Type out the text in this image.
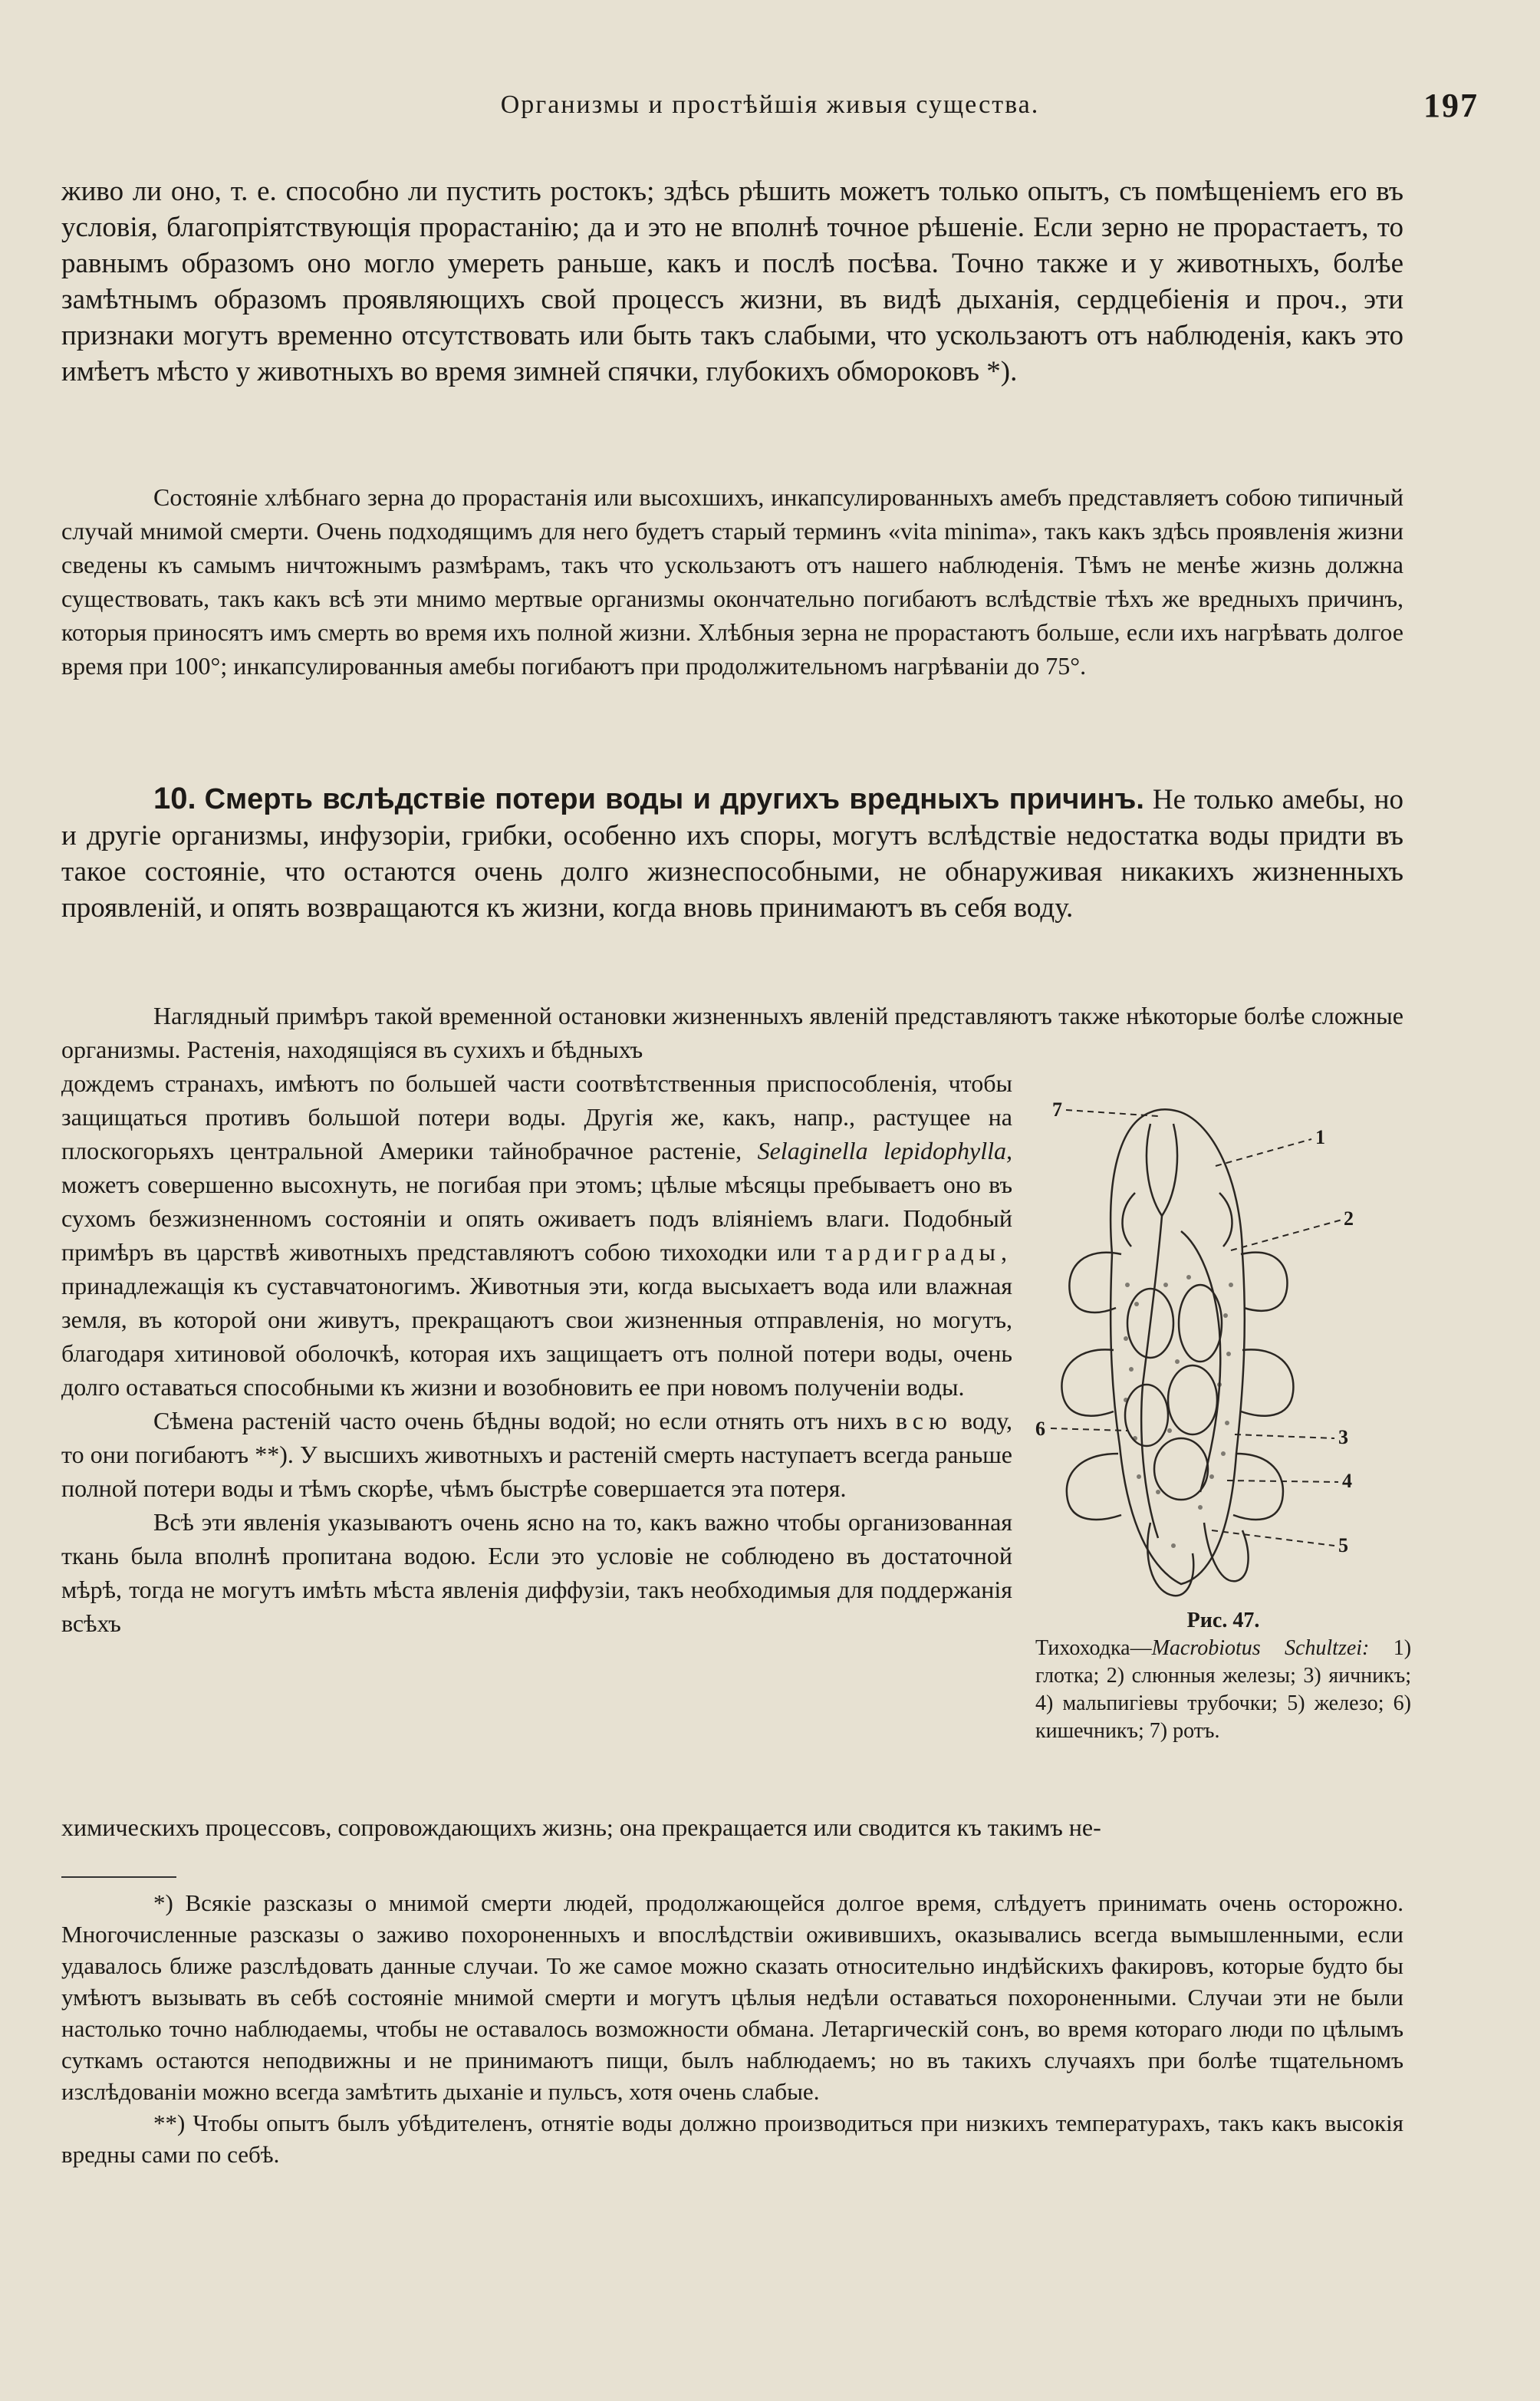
Организмы и простѣйшія живыя существа.	197

живо ли оно, т. е. способно ли пустить ростокъ; здѣсь рѣшить можетъ только опытъ, съ помѣщеніемъ его въ условія, благопріятствующія прорастанію; да и это не вполнѣ точное рѣшеніе. Если зерно не прорастаетъ, то равнымъ образомъ оно могло умереть раньше, какъ и послѣ посѣва. Точно также и у животныхъ, болѣе замѣтнымъ образомъ проявляющихъ свой процессъ жизни, въ видѣ дыханія, сердцебіенія и проч., эти признаки могутъ временно отсутствовать или быть такъ слабыми, что ускользаютъ отъ наблюденія, какъ это имѣетъ мѣсто у животныхъ во время зимней спячки, глубокихъ обмороковъ *).

Состояніе хлѣбнаго зерна до прорастанія или высохшихъ, инкапсулированныхъ амебъ представляетъ собою типичный случай мнимой смерти. Очень подходящимъ для него будетъ старый терминъ «vita minima», такъ какъ здѣсь проявленія жизни сведены къ самымъ ничтожнымъ размѣрамъ, такъ что ускользаютъ отъ нашего наблюденія. Тѣмъ не менѣе жизнь должна существовать, такъ какъ всѣ эти мнимо мертвые организмы окончательно погибаютъ вслѣдствіе тѣхъ же вредныхъ причинъ, которыя приносятъ имъ смерть во время ихъ полной жизни. Хлѣбныя зерна не прорастаютъ больше, если ихъ нагрѣвать долгое время при 100°; инкапсулированныя амебы погибаютъ при продолжительномъ нагрѣваніи до 75°.

10. Смерть вслѣдствіе потери воды и другихъ вредныхъ причинъ. Не только амебы, но и другіе организмы, инфузоріи, грибки, особенно ихъ споры, могутъ вслѣдствіе недостатка воды придти въ такое состояніе, что остаются очень долго жизнеспособными, не обнаруживая никакихъ жизненныхъ проявленій, и опять возвращаются къ жизни, когда вновь принимаютъ въ себя воду.

Наглядный примѣръ такой временной остановки жизненныхъ явленій представляютъ также нѣкоторые болѣе сложные организмы. Растенія, находящіяся въ сухихъ и бѣдныхъ

дождемъ странахъ, имѣютъ по большей части соотвѣтственныя приспособленія, чтобы защищаться противъ большой потери воды. Другія же, какъ, напр., растущее на плоскогорьяхъ центральной Америки тайнобрачное растеніе, Selaginella lepidophylla, можетъ совершенно высохнуть, не погибая при этомъ; цѣлые мѣсяцы пребываетъ оно въ сухомъ безжизненномъ состояніи и опять оживаетъ подъ вліяніемъ влаги. Подобный примѣръ въ царствѣ животныхъ представляютъ собою тихоходки или тардиграды, принадлежащія къ суставчатоногимъ. Животныя эти, когда высыхаетъ вода или влажная земля, въ которой они живутъ, прекращаютъ свои жизненныя отправленія, но могутъ, благодаря хитиновой оболочкѣ, которая ихъ защищаетъ отъ полной потери воды, очень долго оставаться способными къ жизни и возобновить ее при новомъ полученіи воды.

Сѣмена растеній часто очень бѣдны водой; но если отнять отъ нихъ всю воду, то они погибаютъ **). У высшихъ животныхъ и растеній смерть наступаетъ всегда раньше полной потери воды и тѣмъ скорѣе, чѣмъ быстрѣе совершается эта потеря.

Всѣ эти явленія указываютъ очень ясно на то, какъ важно чтобы организованная ткань была вполнѣ пропитана водою. Если это условіе не соблюдено въ достаточной мѣрѣ, тогда не могутъ имѣть мѣста явленія диффузіи, такъ необходимыя для поддержанія всѣхъ

химическихъ процессовъ, сопровождающихъ жизнь; она прекращается или сводится къ такимъ не-

7
1
2
6	3
4
5
Рис. 47.
Тихоходка—Macrobiotus Schultzei: 1) глотка; 2) слюнныя железы; 3) яичникъ; 4) мальпигіевы трубочки; 5) железо; 6) кишечникъ; 7) ротъ.

*) Всякіе разсказы о мнимой смерти людей, продолжающейся долгое время, слѣдуетъ принимать очень осторожно. Многочисленные разсказы о заживо похороненныхъ и впослѣдствіи оживившихъ, оказывались всегда вымышленными, если удавалось ближе разслѣдовать данные случаи. То же самое можно сказать относительно индѣйскихъ факировъ, которые будто бы умѣютъ вызывать въ себѣ состояніе мнимой смерти и могутъ цѣлыя недѣли оставаться похороненными. Случаи эти не были настолько точно наблюдаемы, чтобы не оставалось возможности обмана. Летаргическій сонъ, во время котораго люди по цѣлымъ суткамъ остаются неподвижны и не принимаютъ пищи, былъ наблюдаемъ; но въ такихъ случаяхъ при болѣе тщательномъ изслѣдованіи можно всегда замѣтить дыханіе и пульсъ, хотя очень слабые.

**) Чтобы опытъ былъ убѣдителенъ, отнятіе воды должно производиться при низкихъ температурахъ, такъ какъ высокія вредны сами по себѣ.
